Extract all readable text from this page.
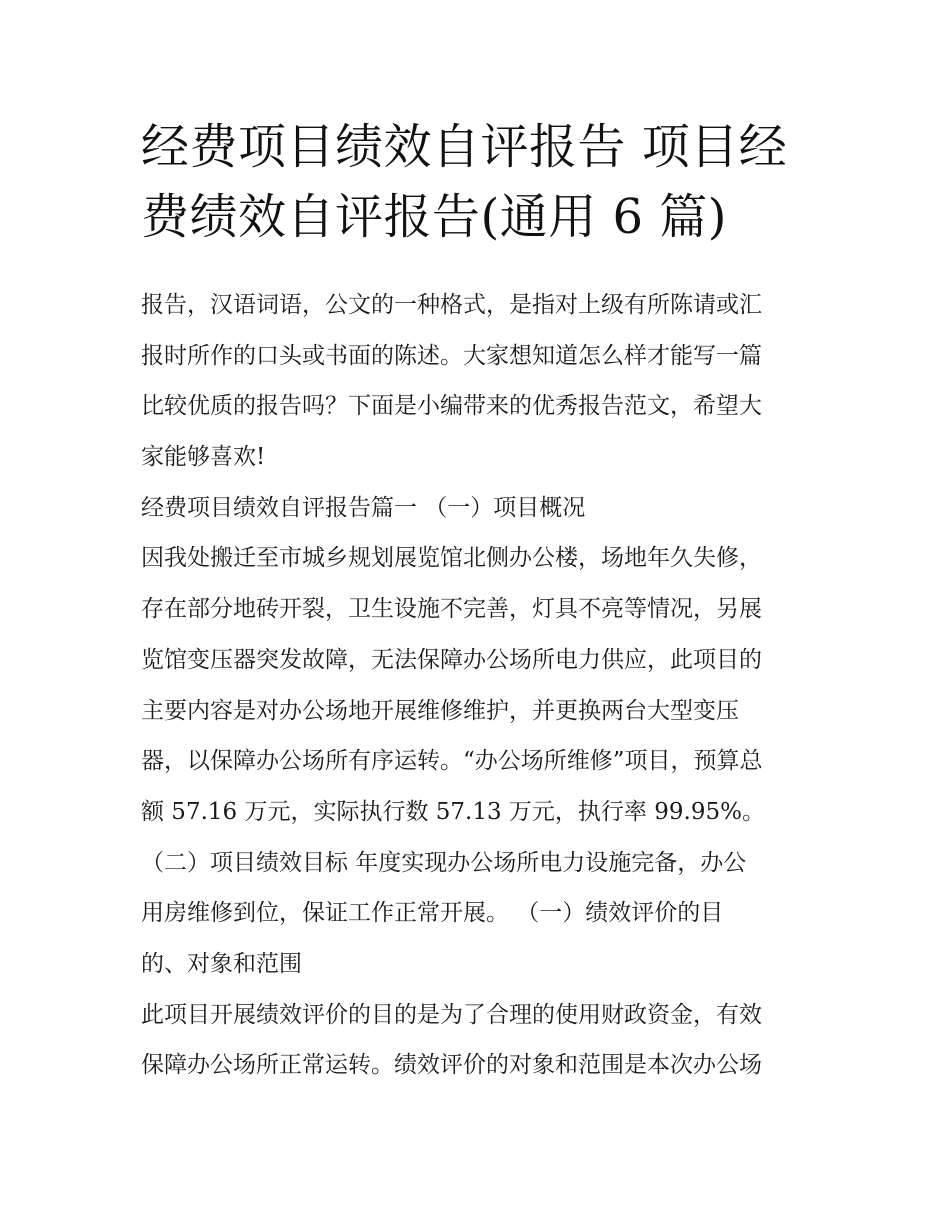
经费项目绩效自评报告 项目经
费绩效自评报告(通用 6 篇)
报告，汉语词语，公文的一种格式，是指对上级有所陈请或汇
报时所作的口头或书面的陈述。大家想知道怎么样才能写一篇
比较优质的报告吗？下面是小编带来的优秀报告范文，希望大
家能够喜欢!
经费项目绩效自评报告篇一 （一）项目概况
因我处搬迁至市城乡规划展览馆北侧办公楼，场地年久失修，
存在部分地砖开裂，卫生设施不完善，灯具不亮等情况，另展
览馆变压器突发故障，无法保障办公场所电力供应，此项目的
主要内容是对办公场地开展维修维护，并更换两台大型变压
器，以保障办公场所有序运转。“办公场所维修”项目，预算总
额 57.16 万元，实际执行数 57.13 万元，执行率 99.95%。
（二）项目绩效目标 年度实现办公场所电力设施完备，办公
用房维修到位，保证工作正常开展。 （一）绩效评价的目
的、对象和范围
此项目开展绩效评价的目的是为了合理的使用财政资金，有效
保障办公场所正常运转。绩效评价的对象和范围是本次办公场
